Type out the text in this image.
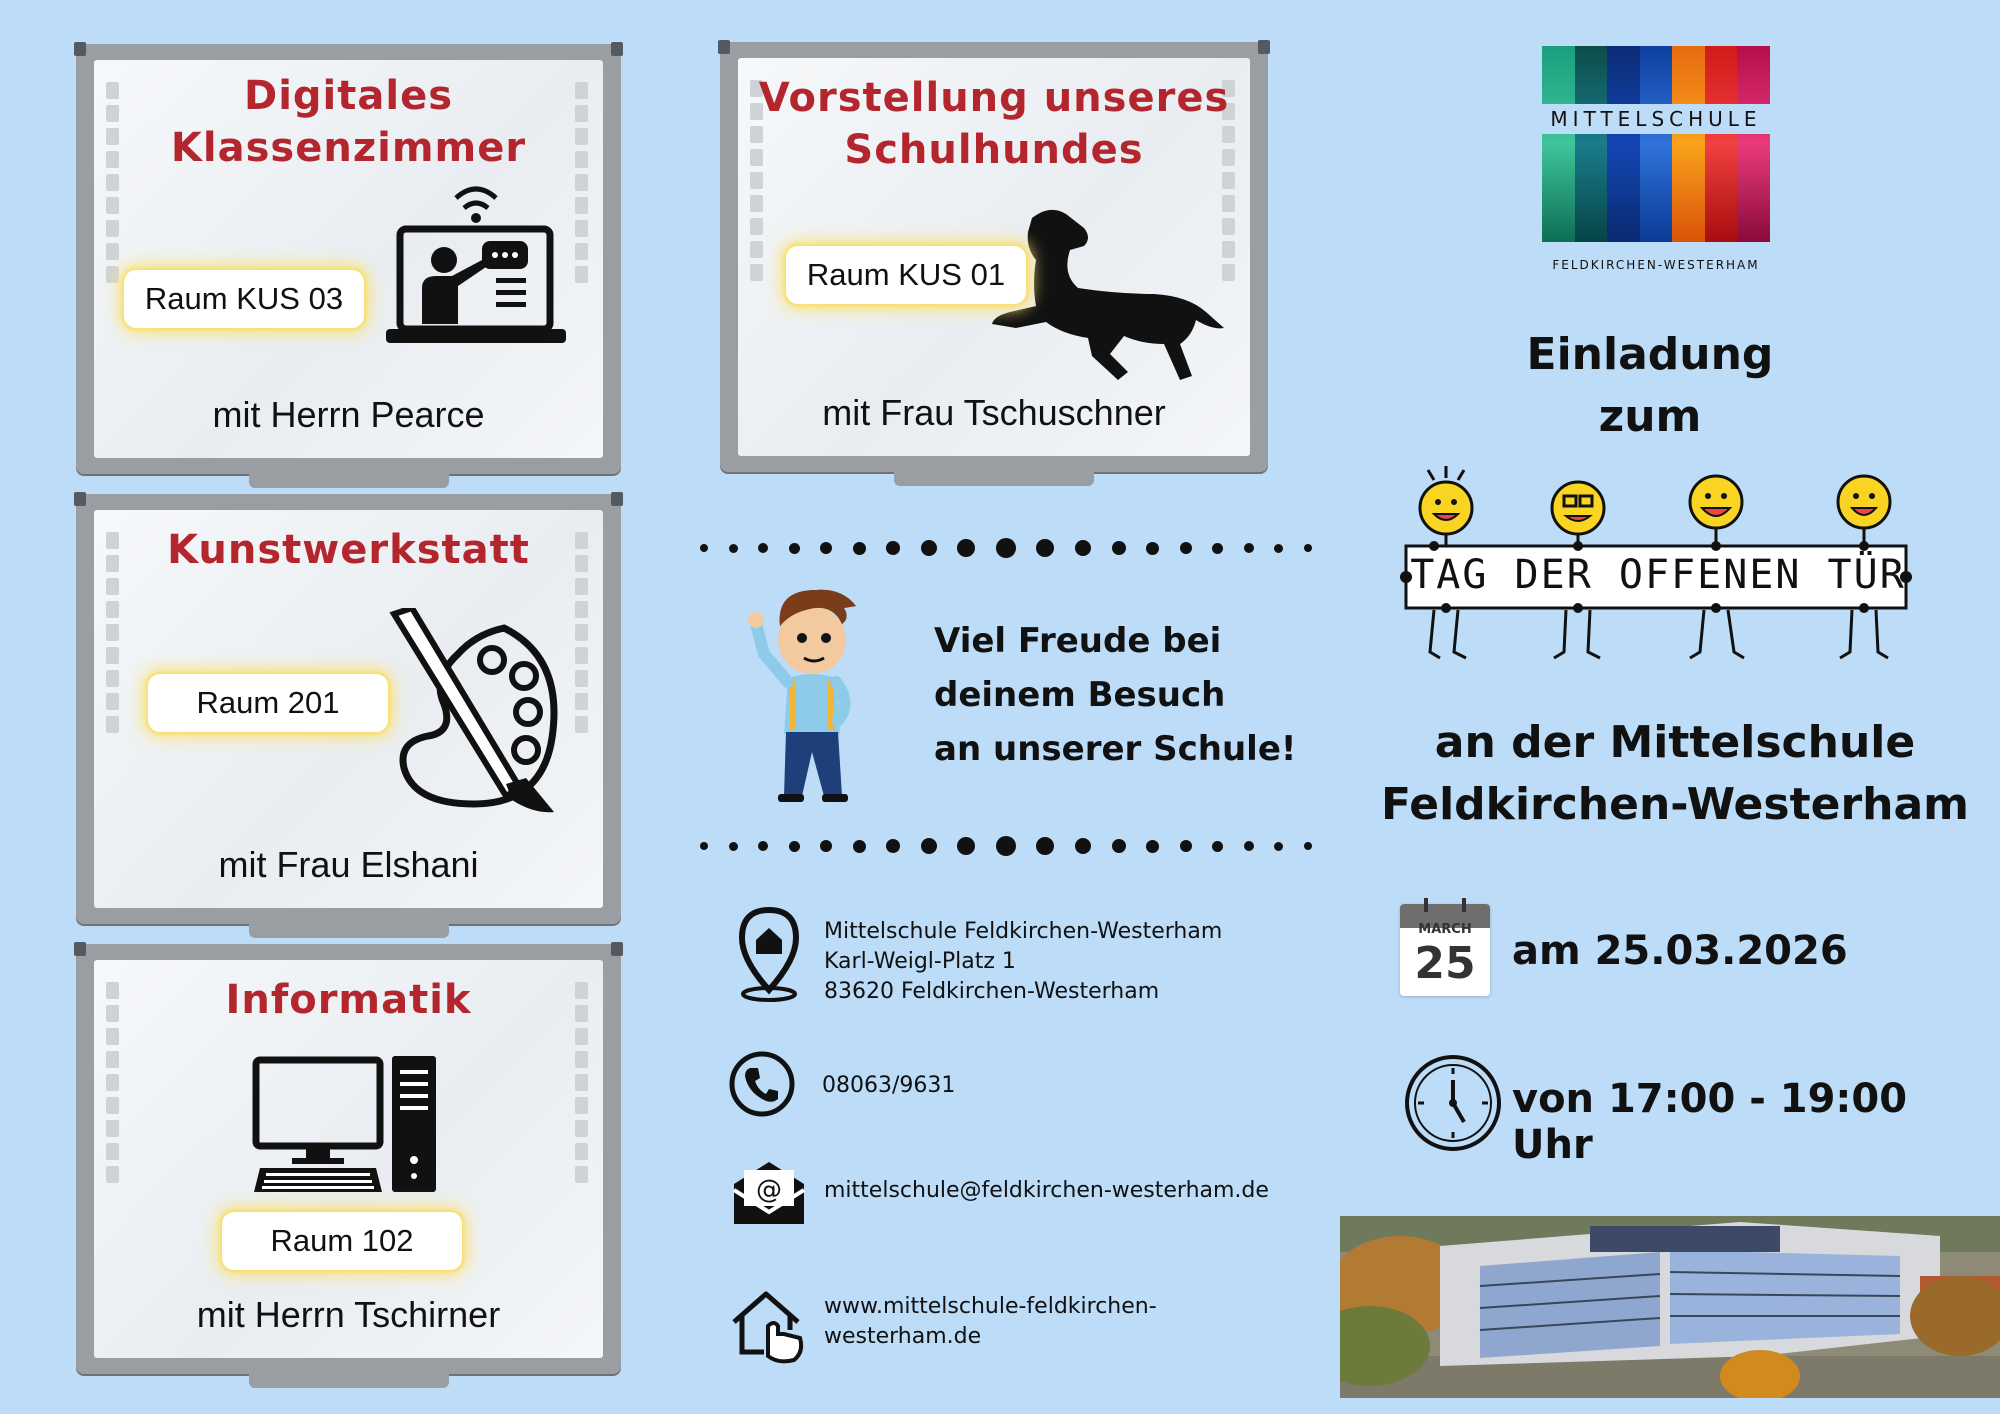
Digitales
Klassenzimmer
Raum KUS 03
mit Herrn Pearce
Vorstellung unseres
Schulhundes
Raum KUS 01
mit Frau Tschuschner
Kunstwerkstatt
Raum 201
mit Frau Elshani
Informatik
Raum 102
mit Herrn Tschirner
Viel Freude bei
deinem Besuch
an unserer Schule!
Mittelschule Feldkirchen-Westerham
Karl-Weigl-Platz 1
83620 Feldkirchen-Westerham
08063/9631
@ mittelschule@feldkirchen-westerham.de
www.mittelschule-feldkirchen-
westerham.de
MITTELSCHULE
FELDKIRCHEN-WESTERHAM
Einladung
zum
TAG DER OFFENEN TÜR
an der Mittelschule
Feldkirchen-Westerham
MARCH
25 am 25.03.2026
von 17:00 - 19:00 Uhr
